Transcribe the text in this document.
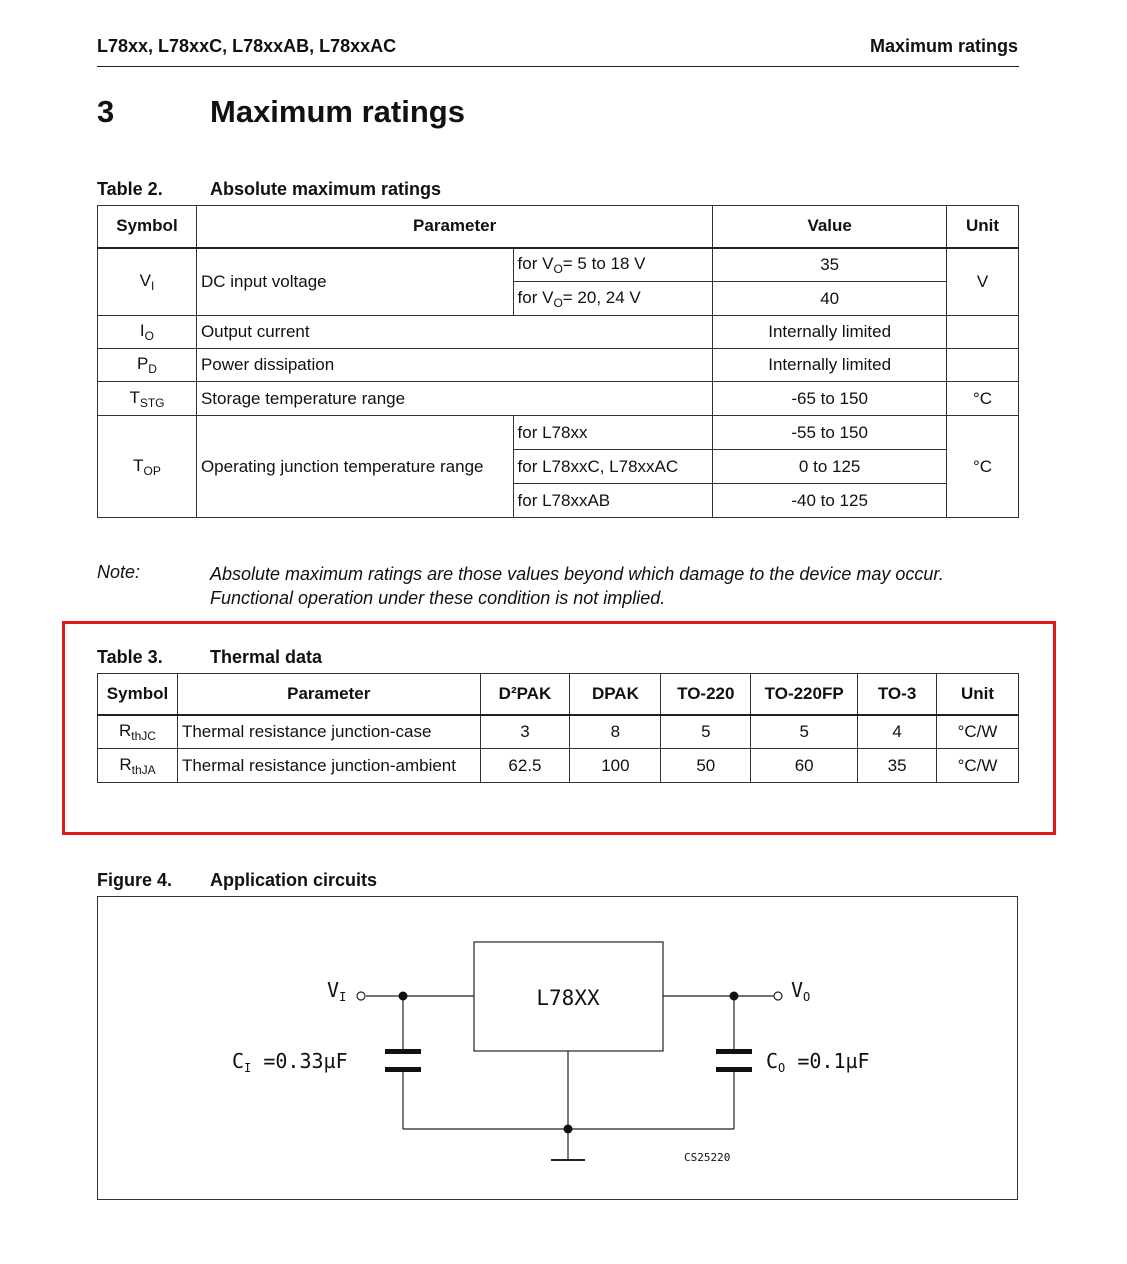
L78xx, L78xxC, L78xxAB, L78xxAC	Maximum ratings
3	Maximum ratings
Table 2.	Absolute maximum ratings
Symbol	Parameter		Value	Unit
$V_I$	DC input voltage	for $V_O= 5$ to 18 V	35	V
		for $V_O= 20$, 24 V	40	
$I_O$	Output current		Internally limited	
$P_D$	Power dissipation		Internally limited	
$T_{STG}$	Storage temperature range		-65 to 150	°C
$T_{OP}$	Operating junction temperature range	for L78xx	-55 to 150	°C
		for L78xxC, L78xxAC	0 to 125	
		for L78xxAB	-40 to 125	
Note:	Absolute maximum ratings are those values beyond which damage to the device may occur.
Functional operation under these condition is not implied.
Table 3.	Thermal data
Symbol	Parameter	D²PAK	DPAK	TO-220	TO-220FP	TO-3	Unit
$R_{thJC}$	Thermal resistance junction-case	3	8	5	5	4	°C/W
$R_{thJA}$	Thermal resistance junction-ambient	62.5	100	50	60	35	°C/W
Figure 4. Application circuits
L78XX
$V_I$	$V_O$
$C_I =0.33\mu F$	$C_O =0.1\mu F$
CS25220
